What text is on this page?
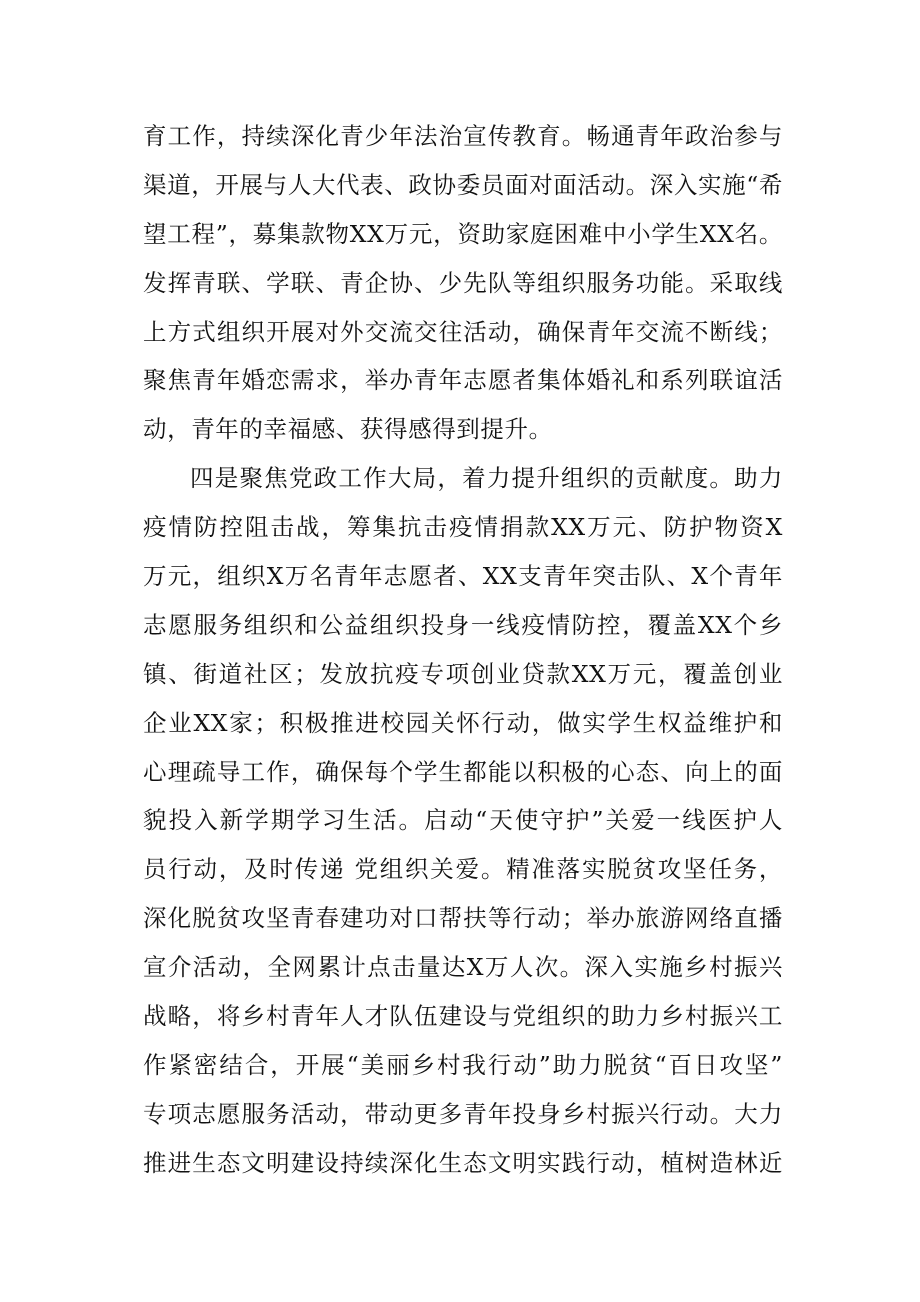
育工作，持续深化青少年法治宣传教育。畅通青年政治参与
渠道，开展与人大代表、政协委员面对面活动。深入实施“希
望工程”，募集款物XX万元，资助家庭困难中小学生XX名。
发挥青联、学联、青企协、少先队等组织服务功能。采取线
上方式组织开展对外交流交往活动，确保青年交流不断线；
聚焦青年婚恋需求，举办青年志愿者集体婚礼和系列联谊活
动，青年的幸福感、获得感得到提升。
四是聚焦党政工作大局，着力提升组织的贡献度。助力
疫情防控阻击战，筹集抗击疫情捐款XX万元、防护物资X
万元，组织X万名青年志愿者、XX支青年突击队、X个青年
志愿服务组织和公益组织投身一线疫情防控，覆盖XX个乡
镇、街道社区；发放抗疫专项创业贷款XX万元，覆盖创业
企业XX家；积极推进校园关怀行动，做实学生权益维护和
心理疏导工作，确保每个学生都能以积极的心态、向上的面
貌投入新学期学习生活。启动“天使守护”关爱一线医护人
员行动，及时传递 党组织关爱。精准落实脱贫攻坚任务，
深化脱贫攻坚青春建功对口帮扶等行动；举办旅游网络直播
宣介活动，全网累计点击量达X万人次。深入实施乡村振兴
战略，将乡村青年人才队伍建设与党组织的助力乡村振兴工
作紧密结合，开展“美丽乡村我行动”助力脱贫“百日攻坚”
专项志愿服务活动，带动更多青年投身乡村振兴行动。大力
推进生态文明建设持续深化生态文明实践行动，植树造林近
